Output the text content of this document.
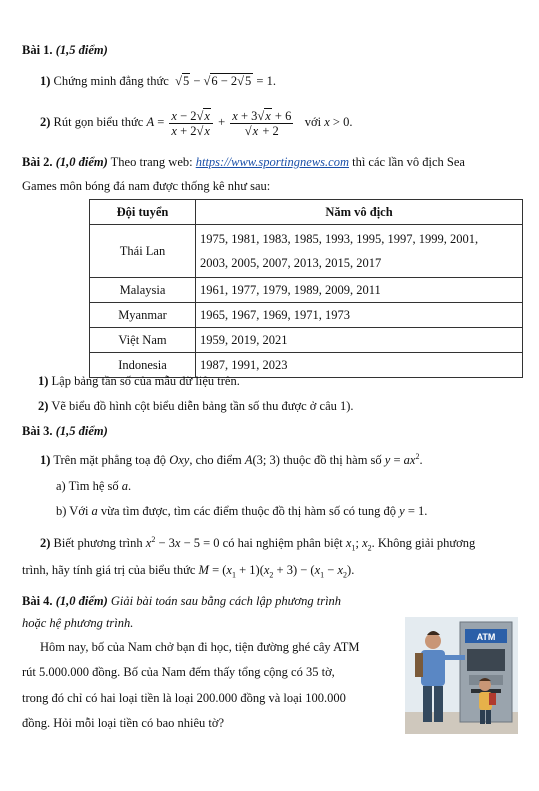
Bài 1. (1,5 điểm)
1) Chứng minh đẳng thức  √5 − √6 − 2√5 = 1.
2) Rút gọn biểu thức $A = \frac{x - 2√x}{x + 2√x} + \frac{x + 3√x + 6}{√x + 2}$ với x > 0.
Bài 2. (1,0 điểm) Theo trang web: https://www.sportingnews.com thì các lần vô địch Sea
Games môn bóng đá nam được thống kê như sau:
Đội tuyển	Năm vô địch
Thái Lan	1975, 1981, 1983, 1985, 1993, 1995, 1997, 1999, 2001,
2003, 2005, 2007, 2013, 2015, 2017

Malaysia	1961, 1977, 1979, 1989, 2009, 2011
Myanmar	1965, 1967, 1969, 1971, 1973
Việt Nam	1959, 2019, 2021
Indonesia	1987, 1991, 2023
1) Lập bảng tần số của mẫu dữ liệu trên.
2) Vẽ biểu đồ hình cột biểu diễn bảng tần số thu được ở câu 1).
Bài 3. (1,5 điểm)
1) Trên mặt phẳng toạ độ Oxy, cho điểm A(3; 3) thuộc đồ thị hàm số $y = ax^2$.
a) Tìm hệ số a.
b) Với a vừa tìm được, tìm các điểm thuộc đồ thị hàm số có tung độ y = 1.
2) Biết phương trình $x^2 - 3x - 5 = 0$ có hai nghiệm phân biệt $x_1$; $x_2$. Không giải phương
trình, hãy tính giá trị của biểu thức $M = (x_1 + 1)(x_2 + 3) - (x_1 - x_2)$.
Bài 4. (1,0 điểm) Giải bài toán sau bằng cách lập phương trình
hoặc hệ phương trình.
Hôm nay, bố của Nam chở bạn đi học, tiện đường ghé cây ATM
rút 5.000.000 đồng. Bố của Nam đếm thấy tổng cộng có 35 tờ,
trong đó chỉ có hai loại tiền là loại 200.000 đồng và loại 100.000
đồng. Hỏi mỗi loại tiền có bao nhiêu tờ?
ATM
